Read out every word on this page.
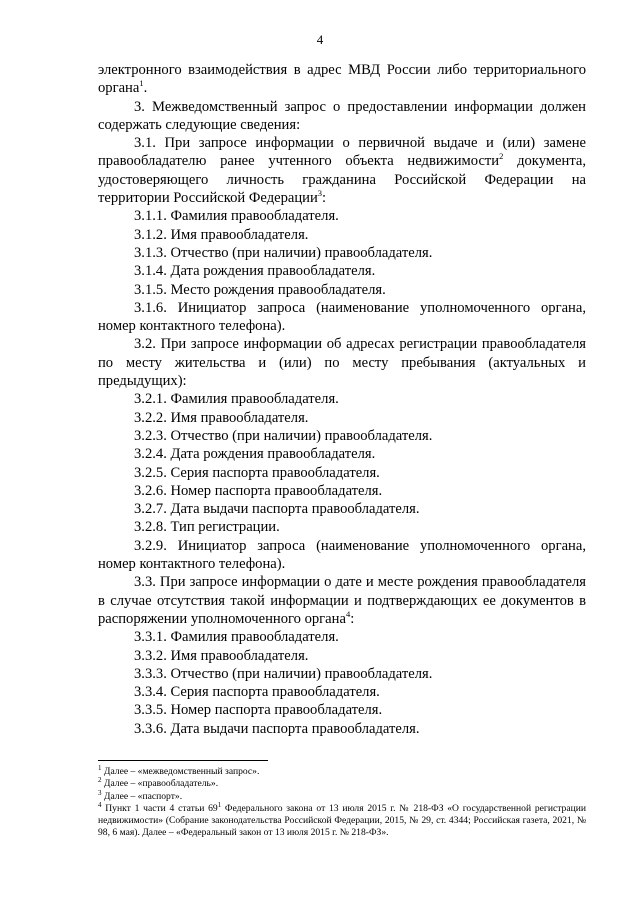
4

электронного взаимодействия в адрес МВД России либо территориального органа$^1$.

3. Межведомственный запрос о предоставлении информации должен содержать следующие сведения:

3.1. При запросе информации о первичной выдаче и (или) замене правообладателю ранее учтенного объекта недвижимости$^2$ документа, удостоверяющего личность гражданина Российской Федерации на территории Российской Федерации$^3$:

3.1.1. Фамилия правообладателя.

3.1.2. Имя правообладателя.

3.1.3. Отчество (при наличии) правообладателя.

3.1.4. Дата рождения правообладателя.

3.1.5. Место рождения правообладателя.

3.1.6. Инициатор запроса (наименование уполномоченного органа, номер контактного телефона).

3.2. При запросе информации об адресах регистрации правообладателя по месту жительства и (или) по месту пребывания (актуальных и предыдущих):

3.2.1. Фамилия правообладателя.

3.2.2. Имя правообладателя.

3.2.3. Отчество (при наличии) правообладателя.

3.2.4. Дата рождения правообладателя.

3.2.5. Серия паспорта правообладателя.

3.2.6. Номер паспорта правообладателя.

3.2.7. Дата выдачи паспорта правообладателя.

3.2.8. Тип регистрации.

3.2.9. Инициатор запроса (наименование уполномоченного органа, номер контактного телефона).

3.3. При запросе информации о дате и месте рождения правообладателя в случае отсутствия такой информации и подтверждающих ее документов в распоряжении уполномоченного органа$^4$:

3.3.1. Фамилия правообладателя.

3.3.2. Имя правообладателя.

3.3.3. Отчество (при наличии) правообладателя.

3.3.4. Серия паспорта правообладателя.

3.3.5. Номер паспорта правообладателя.

3.3.6. Дата выдачи паспорта правообладателя.

$^1$ Далее – «межведомственный запрос».

$^2$ Далее – «правообладатель».

$^3$ Далее – «паспорт».

$^4$ Пункт 1 части 4 статьи $69^1$ Федерального закона от 13 июля 2015 г. № 218-ФЗ «О государственной регистрации недвижимости» (Собрание законодательства Российской Федерации, 2015, № 29, ст. 4344; Российская газета, 2021, № 98, 6 мая). Далее – «Федеральный закон от 13 июля 2015 г. № 218-ФЗ».
